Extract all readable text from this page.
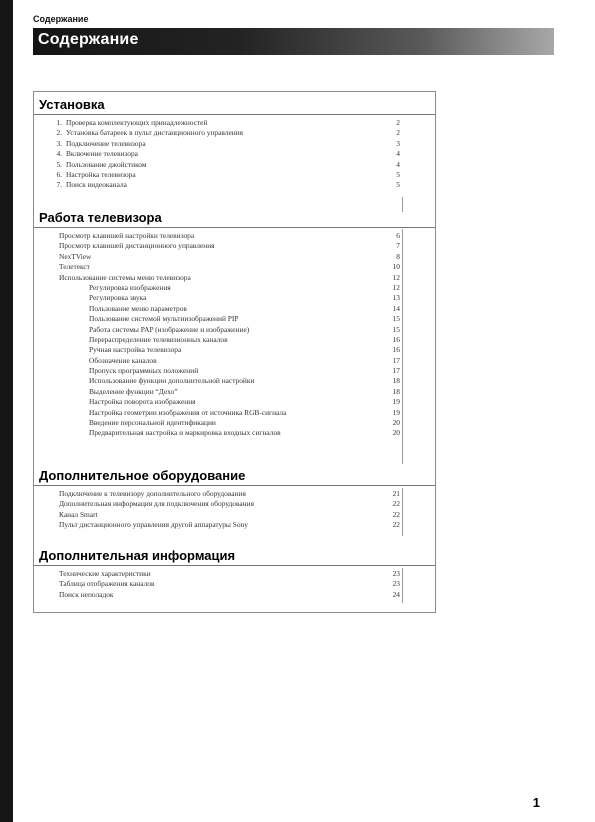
Содержание
Содержание
Установка
1. Проверка комплектующих принадлежностей	2
2. Установка батареек в пульт дистанционного управления	2
3. Подключение телевизора	3
4. Включение телевизора	4
5. Пользование джойстиком	4
6. Настройка телевизора	5
7. Поиск видеоканала	5
Работа телевизора
Просмотр клавишей настройки телевизора	6
Просмотр клавишей дистанционного управления	7
NexTView	8
Телетекст	10
Использование системы меню телевизора	12
Регулировка изображения	12
Регулировка звука	13
Пользование меню параметров	14
Пользование системой мультиизображений PIP	15
Работа системы PAP (изображение и изображение)	15
Перераспределение телевизионных каналов	16
Ручная настройка телевизора	16
Обозначение каналов	17
Пропуск программных положений	17
Использование функции дополнительной настройки	18
Выделение функции “Дехо”	18
Настройка поворота изображения	19
Настройка геометрии изображения от источника RGB-сигнала	19
Введение персональной идентификации	20
Предварительная настройка и маркировка входных сигналов	20
Дополнительное оборудование
Подключение к телевизору дополнительного оборудования	21
Дополнительная информация для подключения оборудования	22
Канал Smart	22
Пульт дистанционного управления другой аппаратуры Sony	22
Дополнительная информация
Технические характеристики	23
Таблица отображения каналов	23
Поиск неполадок	24
1
